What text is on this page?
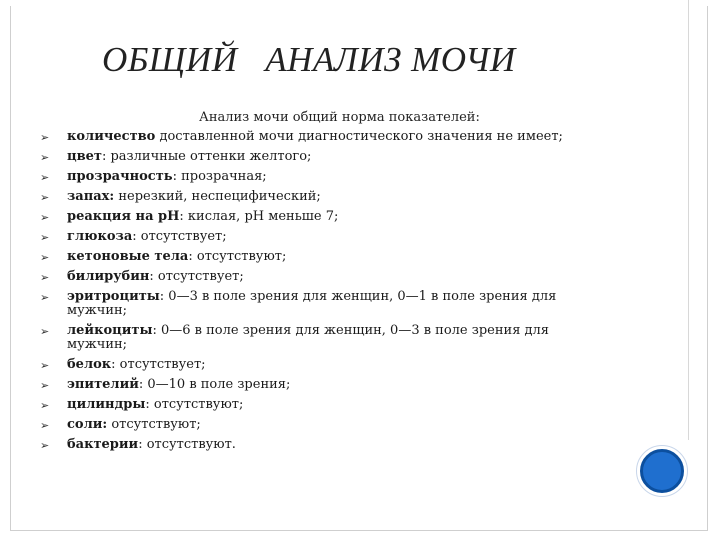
ОБЩИЙ   АНАЛИЗ МОЧИ

Анализ мочи общий норма показателей:

➢ количество доставленной мочи диагностического значения не имеет;
➢ цвет: различные оттенки желтого;
➢ прозрачность: прозрачная;
➢ запах: нерезкий, неспецифический;
➢ реакция на рН: кислая, рН меньше 7;
➢ глюкоза: отсутствует;
➢ кетоновые тела: отсутствуют;
➢ билирубин: отсутствует;
➢ эритроциты: 0—3 в поле зрения для женщин, 0—1 в поле зрения для мужчин;
➢ лейкоциты: 0—6 в поле зрения для женщин, 0—3 в поле зрения для мужчин;
➢ белок: отсутствует;
➢ эпителий: 0—10 в поле зрения;
➢ цилиндры: отсутствуют;
➢ соли: отсутствуют;
➢ бактерии: отсутствуют.
